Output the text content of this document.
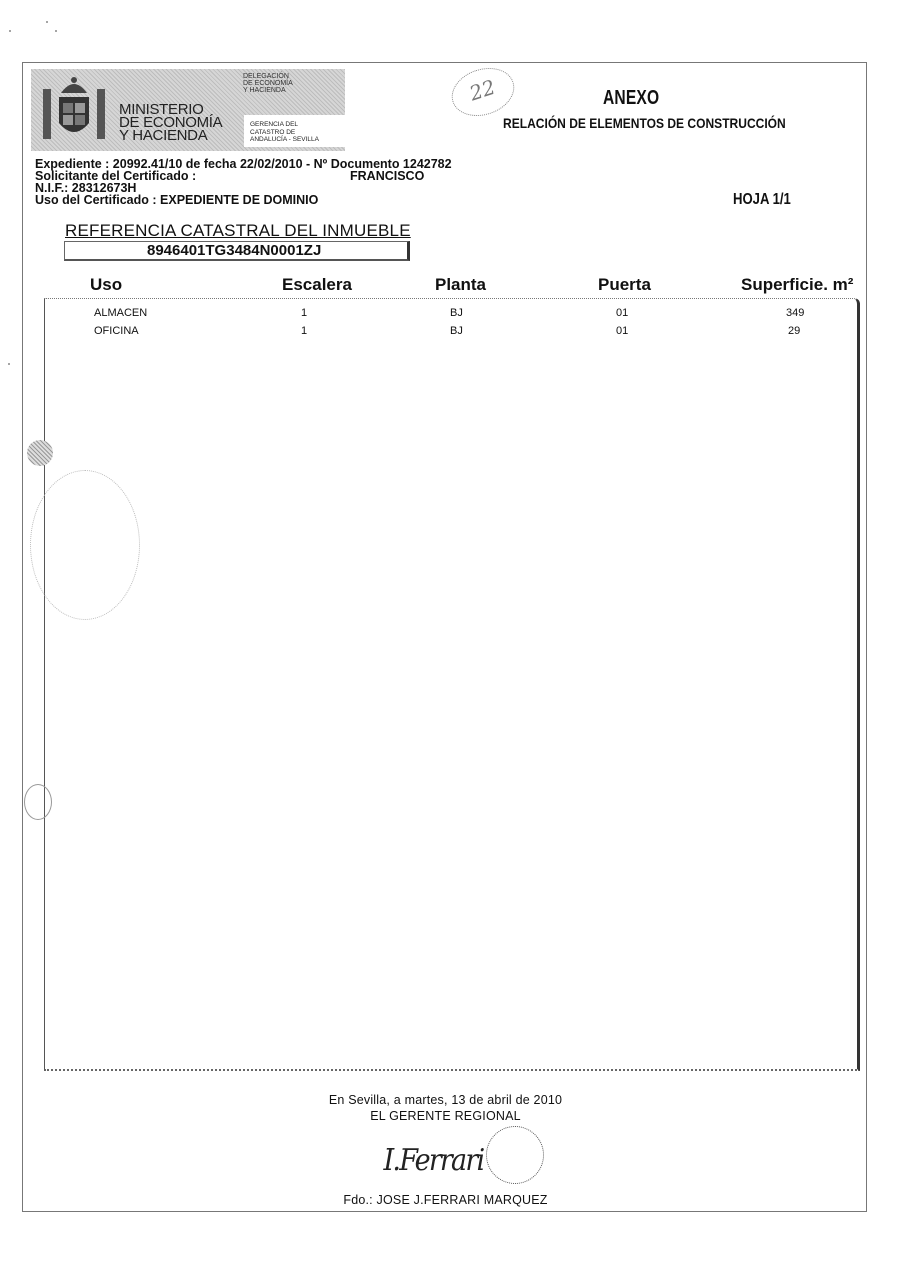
MINISTERIO
DE ECONOMÍA
Y HACIENDA
DELEGACIÓN
DE ECONOMÍA
Y HACIENDA
GERENCIA DEL
CATASTRO DE
ANDALUCÍA - SEVILLA
22	ANEXO
RELACIÓN DE ELEMENTOS DE CONSTRUCCIÓN
HOJA 1/1
Expediente : 20992.41/10 de fecha 22/02/2010 - Nº Documento 1242782
Solicitante del Certificado :	FRANCISCO
N.I.F.: 28312673H
Uso del Certificado : EXPEDIENTE DE DOMINIO
REFERENCIA CATASTRAL DEL INMUEBLE
8946401TG3484N0001ZJ
Uso	Escalera	Planta	Puerta	Superficie. m²
ALMACEN	1	BJ	01	349
OFICINA	1	BJ	01	29
En Sevilla, a martes, 13 de abril de 2010
EL GERENTE REGIONAL
I.Ferrari
Fdo.: JOSE J.FERRARI MARQUEZ
